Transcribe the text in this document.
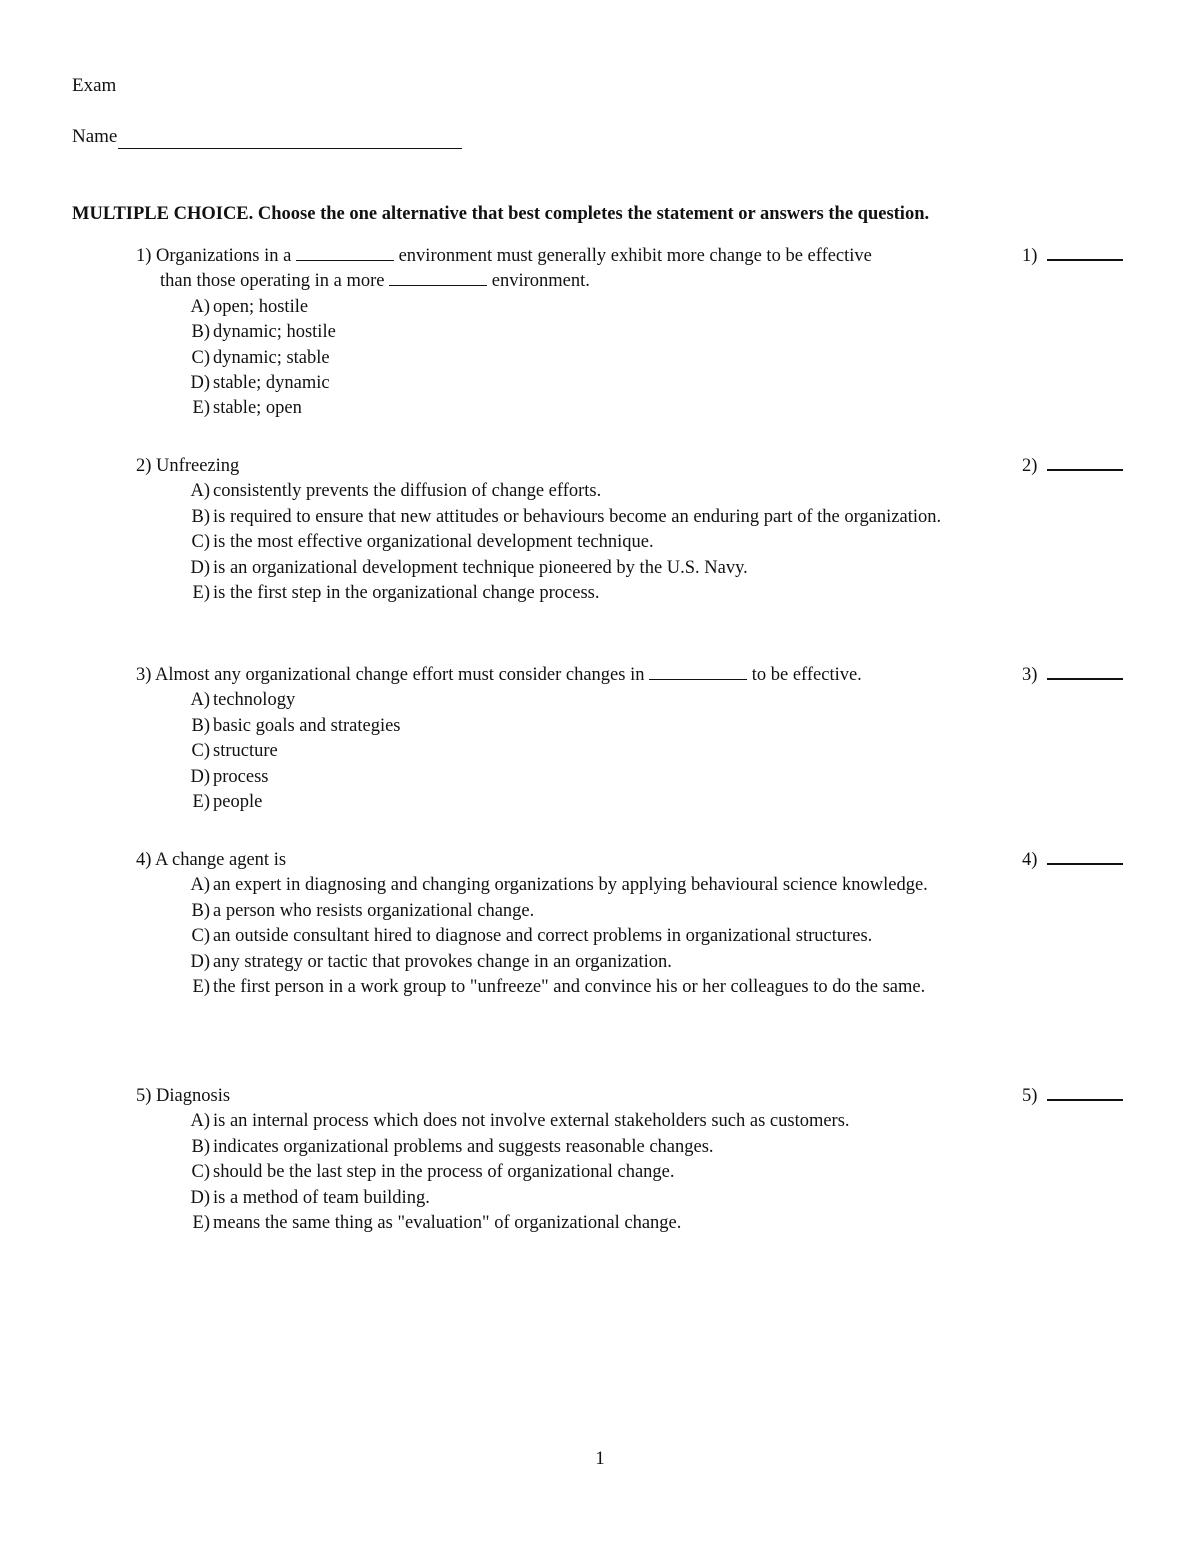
Exam
Name
MULTIPLE CHOICE. Choose the one alternative that best completes the statement or answers the question.
1) Organizations in a	environment must generally exhibit more change to be effective
than those operating in a more	environment.
A) open; hostile
B) dynamic; hostile
C) dynamic; stable
D) stable; dynamic
E) stable; open
1)
2) Unfreezing
A) consistently prevents the diffusion of change efforts.
B) is required to ensure that new attitudes or behaviours become an enduring part of the organization.
C) is the most effective organizational development technique.
D) is an organizational development technique pioneered by the U.S. Navy.
E) is the first step in the organizational change process.
2)
3) Almost any organizational change effort must consider changes in	to be effective.
A) technology
B) basic goals and strategies
C) structure
D) process
E) people
3)
4) A change agent is
A) an expert in diagnosing and changing organizations by applying behavioural science knowledge.
B) a person who resists organizational change.
C) an outside consultant hired to diagnose and correct problems in organizational structures.
D) any strategy or tactic that provokes change in an organization.
E) the first person in a work group to "unfreeze" and convince his or her colleagues to do the same.
4)
5) Diagnosis
A) is an internal process which does not involve external stakeholders such as customers.
B) indicates organizational problems and suggests reasonable changes.
C) should be the last step in the process of organizational change.
D) is a method of team building.
E) means the same thing as "evaluation" of organizational change.
5)
1
